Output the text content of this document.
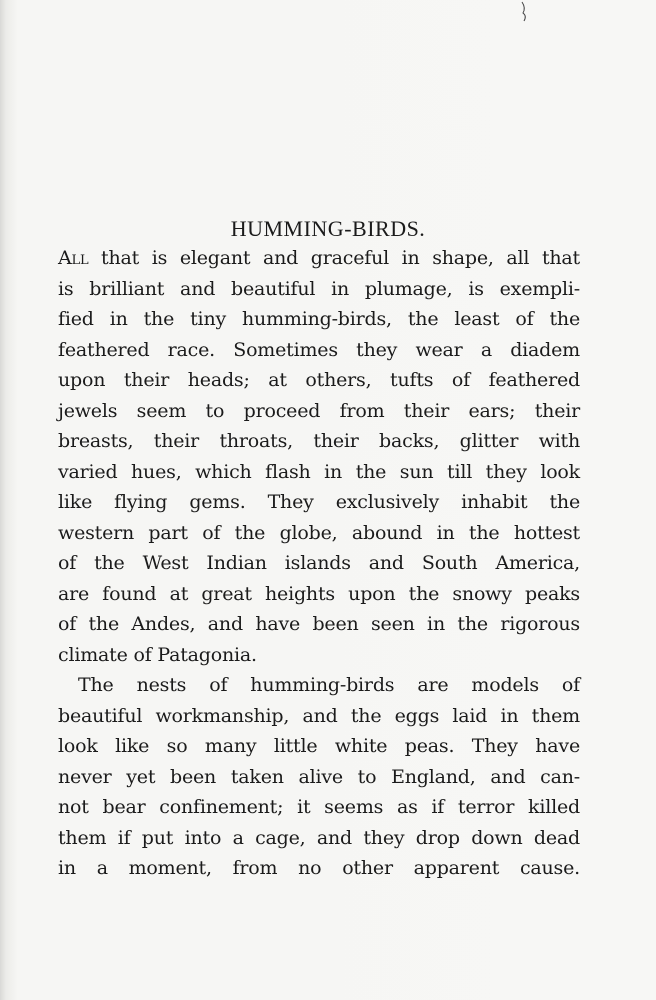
HUMMING-BIRDS.
All that is elegant and graceful in shape, all that
is brilliant and beautiful in plumage, is exempli-
fied in the tiny humming-birds, the least of the
feathered race. Sometimes they wear a diadem
upon their heads; at others, tufts of feathered
jewels seem to proceed from their ears; their
breasts, their throats, their backs, glitter with
varied hues, which flash in the sun till they look
like flying gems. They exclusively inhabit the
western part of the globe, abound in the hottest
of the West Indian islands and South America,
are found at great heights upon the snowy peaks
of the Andes, and have been seen in the rigorous
climate of Patagonia.
The nests of humming-birds are models of
beautiful workmanship, and the eggs laid in them
look like so many little white peas. They have
never yet been taken alive to England, and can-
not bear confinement; it seems as if terror killed
them if put into a cage, and they drop down dead
in a moment, from no other apparent cause.
